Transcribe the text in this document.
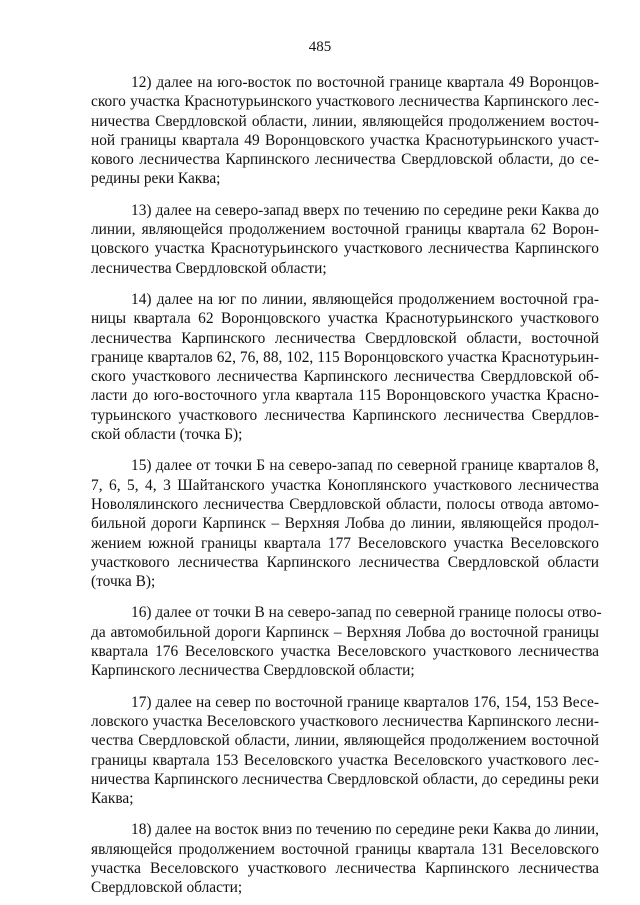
485

12) далее на юго-восток по восточной границе квартала 49 Воронцов-
ского участка Краснотурьинского участкового лесничества Карпинского лес-
ничества Свердловской области, линии, являющейся продолжением восточ-
ной границы квартала 49 Воронцовского участка Краснотурьинского участ-
кового лесничества Карпинского лесничества Свердловской области, до се-
редины реки Каква;

13) далее на северо-запад вверх по течению по середине реки Каква до
линии, являющейся продолжением восточной границы квартала 62 Ворон-
цовского участка Краснотурьинского участкового лесничества Карпинского
лесничества Свердловской области;

14) далее на юг по линии, являющейся продолжением восточной гра-
ницы квартала 62 Воронцовского участка Краснотурьинского участкового
лесничества Карпинского лесничества Свердловской области, восточной
границе кварталов 62, 76, 88, 102, 115 Воронцовского участка Краснотурьин-
ского участкового лесничества Карпинского лесничества Свердловской об-
ласти до юго-восточного угла квартала 115 Воронцовского участка Красно-
турьинского участкового лесничества Карпинского лесничества Свердлов-
ской области (точка Б);

15) далее от точки Б на северо-запад по северной границе кварталов 8,
7, 6, 5, 4, 3 Шайтанского участка Коноплянского участкового лесничества
Новолялинского лесничества Свердловской области, полосы отвода автомо-
бильной дороги Карпинск – Верхняя Лобва до линии, являющейся продол-
жением южной границы квартала 177 Веселовского участка Веселовского
участкового лесничества Карпинского лесничества Свердловской области
(точка В);

16) далее от точки В на северо-запад по северной границе полосы отво-
да автомобильной дороги Карпинск – Верхняя Лобва до восточной границы
квартала 176 Веселовского участка Веселовского участкового лесничества
Карпинского лесничества Свердловской области;

17) далее на север по восточной границе кварталов 176, 154, 153 Весе-
ловского участка Веселовского участкового лесничества Карпинского лесни-
чества Свердловской области, линии, являющейся продолжением восточной
границы квартала 153 Веселовского участка Веселовского участкового лес-
ничества Карпинского лесничества Свердловской области, до середины реки
Каква;

18) далее на восток вниз по течению по середине реки Каква до линии,
являющейся продолжением восточной границы квартала 131 Веселовского
участка Веселовского участкового лесничества Карпинского лесничества
Свердловской области;
